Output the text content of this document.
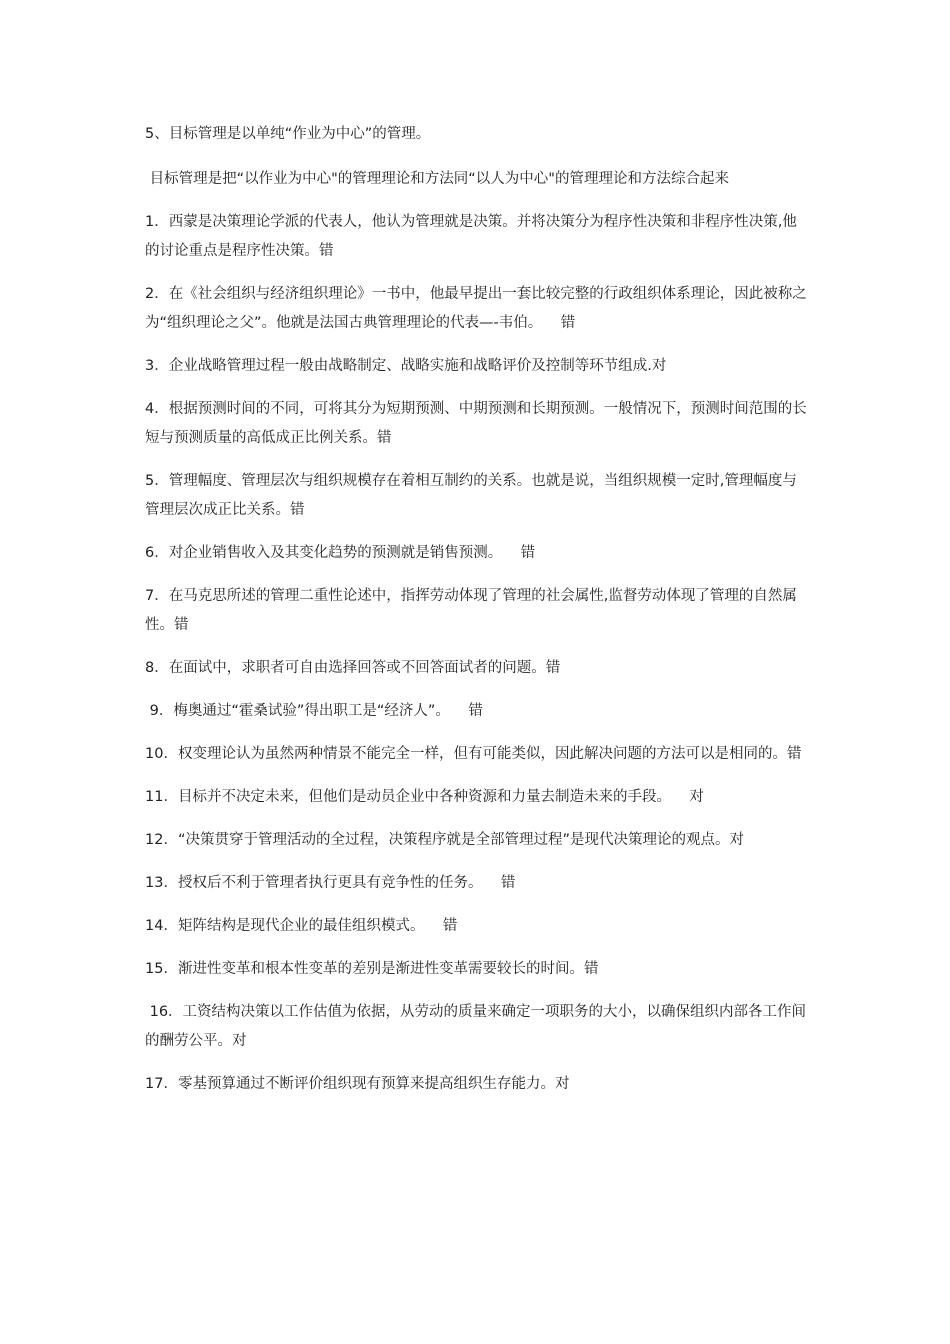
5、目标管理是以单纯“作业为中心”的管理。

目标管理是把“以作业为中心"的管理理论和方法同“以人为中心"的管理理论和方法综合起来

1．西蒙是决策理论学派的代表人，他认为管理就是决策。并将决策分为程序性决策和非程序性决策,他的讨论重点是程序性决策。错

2．在《社会组织与经济组织理论》一书中，他最早提出一套比较完整的行政组织体系理论，因此被称之为“组织理论之父”。他就是法国古典管理理论的代表—-韦伯。    错

3．企业战略管理过程一般由战略制定、战略实施和战略评价及控制等环节组成.对

4．根据预测时间的不同，可将其分为短期预测、中期预测和长期预测。一般情况下，预测时间范围的长短与预测质量的高低成正比例关系。错

5．管理幅度、管理层次与组织规模存在着相互制约的关系。也就是说，当组织规模一定时,管理幅度与管理层次成正比关系。错

6．对企业销售收入及其变化趋势的预测就是销售预测。    错

7．在马克思所述的管理二重性论述中，指挥劳动体现了管理的社会属性,监督劳动体现了管理的自然属性。错

8．在面试中，求职者可自由选择回答或不回答面试者的问题。错

9．梅奥通过“霍桑试验”得出职工是“经济人”。    错

10．权变理论认为虽然两种情景不能完全一样，但有可能类似，因此解决问题的方法可以是相同的。错

11．目标并不决定未来，但他们是动员企业中各种资源和力量去制造未来的手段。    对

12．“决策贯穿于管理活动的全过程，决策程序就是全部管理过程”是现代决策理论的观点。对

13．授权后不利于管理者执行更具有竞争性的任务。    错

14．矩阵结构是现代企业的最佳组织模式。    错

15．渐进性变革和根本性变革的差别是渐进性变革需要较长的时间。错

16．工资结构决策以工作估值为依据，从劳动的质量来确定一项职务的大小，以确保组织内部各工作间的酬劳公平。对

17．零基预算通过不断评价组织现有预算来提高组织生存能力。对
